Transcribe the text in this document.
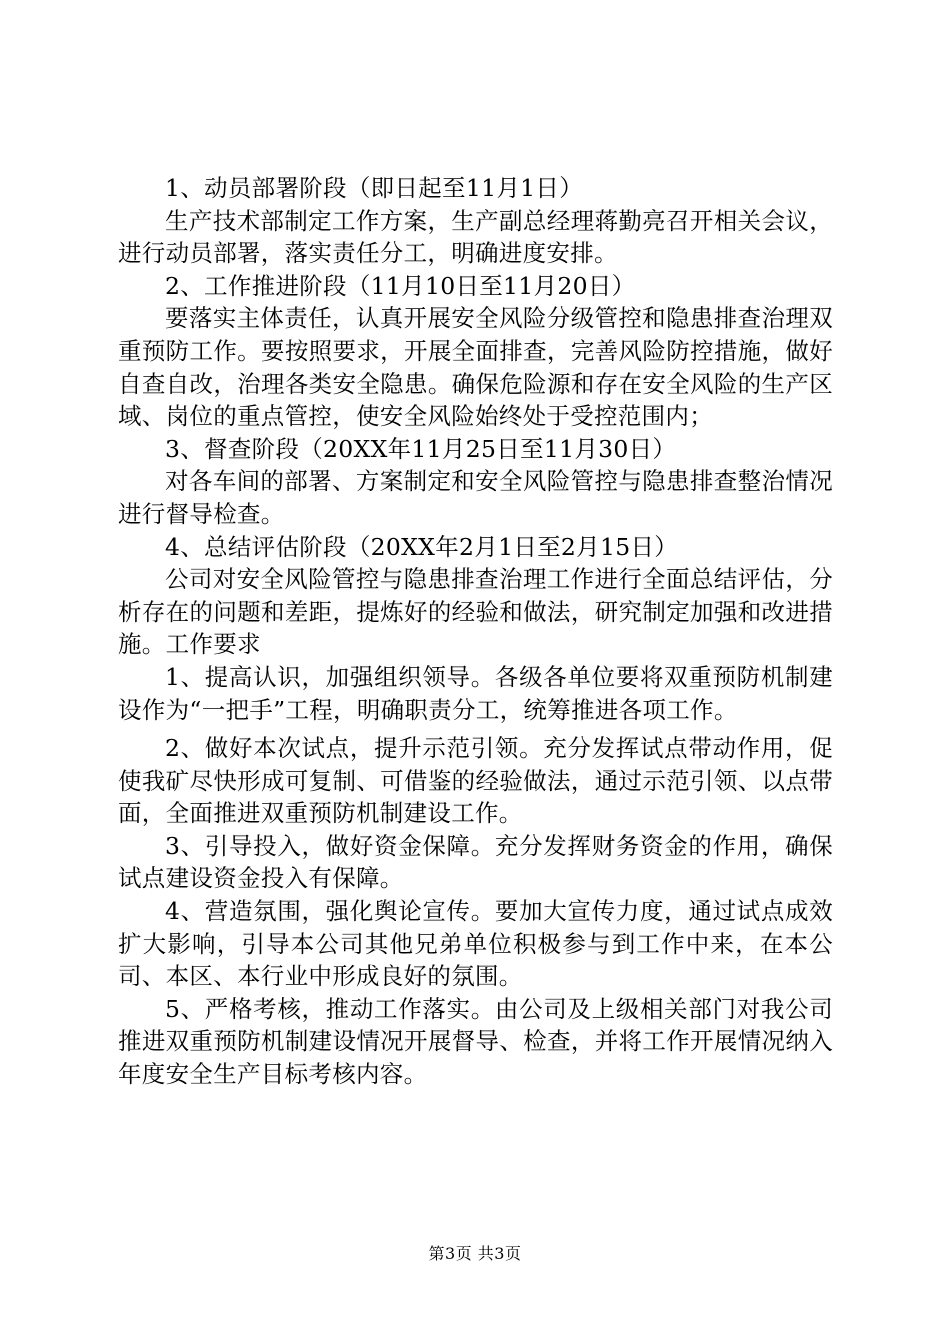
1、动员部署阶段（即日起至11月1日）

生产技术部制定工作方案，生产副总经理蒋勤亮召开相关会议，进行动员部署，落实责任分工，明确进度安排。

2、工作推进阶段（11月10日至11月20日）

要落实主体责任，认真开展安全风险分级管控和隐患排查治理双重预防工作。要按照要求，开展全面排查，完善风险防控措施，做好自查自改，治理各类安全隐患。确保危险源和存在安全风险的生产区域、岗位的重点管控，使安全风险始终处于受控范围内；

3、督查阶段（20XX年11月25日至11月30日）

对各车间的部署、方案制定和安全风险管控与隐患排查整治情况进行督导检查。

4、总结评估阶段（20XX年2月1日至2月15日）

公司对安全风险管控与隐患排查治理工作进行全面总结评估，分析存在的问题和差距，提炼好的经验和做法，研究制定加强和改进措施。工作要求

1、提高认识，加强组织领导。各级各单位要将双重预防机制建设作为“一把手”工程，明确职责分工，统筹推进各项工作。

2、做好本次试点，提升示范引领。充分发挥试点带动作用，促使我矿尽快形成可复制、可借鉴的经验做法，通过示范引领、以点带面，全面推进双重预防机制建设工作。

3、引导投入，做好资金保障。充分发挥财务资金的作用，确保试点建设资金投入有保障。

4、营造氛围，强化舆论宣传。要加大宣传力度，通过试点成效扩大影响，引导本公司其他兄弟单位积极参与到工作中来，在本公司、本区、本行业中形成良好的氛围。

5、严格考核，推动工作落实。由公司及上级相关部门对我公司推进双重预防机制建设情况开展督导、检查，并将工作开展情况纳入年度安全生产目标考核内容。

第3页 共3页
